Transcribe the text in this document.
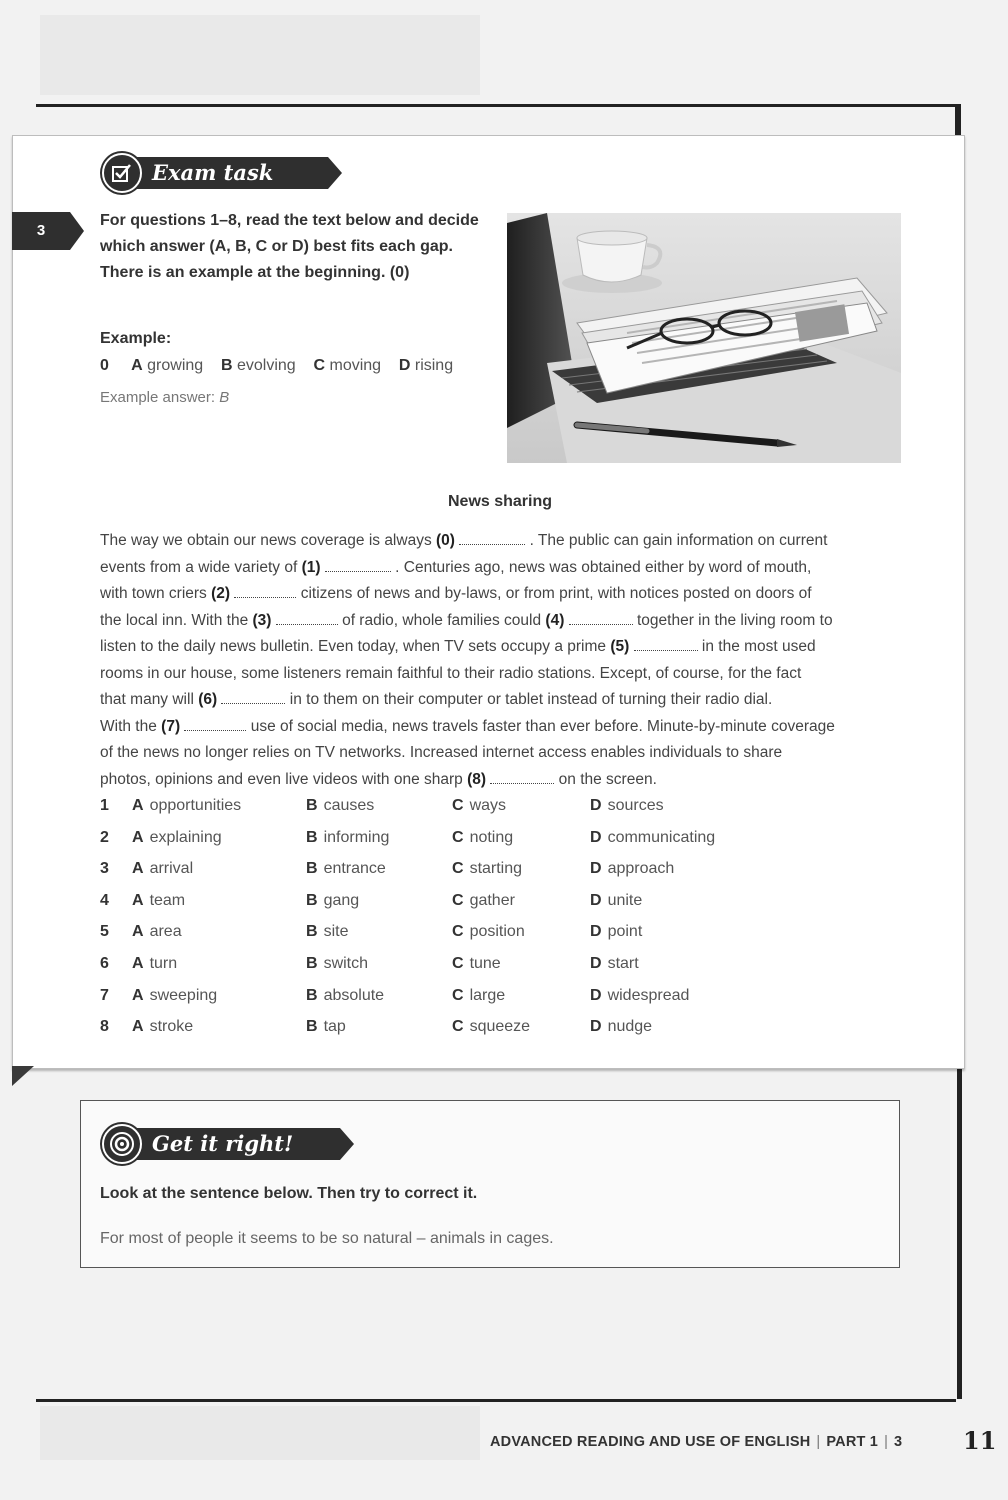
Exam task
3

For questions 1–8, read the text below and decide which answer (A, B, C or D) best fits each gap. There is an example at the beginning. (0)

Example:
0 A growing B evolving C moving D rising
Example answer: B
News sharing

The way we obtain our news coverage is always (0)	. The public can gain information on current

events from a wide variety of (1)	. Centuries ago, news was obtained either by word of mouth,

with town criers (2)	citizens of news and by-laws, or from print, with notices posted on doors of

the local inn. With the (3)	of radio, whole families could (4)	together in the living room to

listen to the daily news bulletin. Even today, when TV sets occupy a prime (5)	in the most used

rooms in our house, some listeners remain faithful to their radio stations. Except, of course, for the fact

that many will (6)	in to them on their computer or tablet instead of turning their radio dial.

With the (7)	use of social media, news travels faster than ever before. Minute-by-minute coverage

of the news no longer relies on TV networks. Increased internet access enables individuals to share

photos, opinions and even live videos with one sharp (8)	on the screen.

1 A opportunities	B causes	C ways	D sources
2 A explaining	B informing	C noting	D communicating
3 A arrival	B entrance	C starting	D approach
4 A team	B gang	C gather	D unite
5 A area	B site	C position	D point
6 A turn	B switch	C tune	D start
7 A sweeping	B absolute	C large	D widespread
8 A stroke	B tap	C squeeze	D nudge
Get it right!
Look at the sentence below. Then try to correct it.
For most of people it seems to be so natural – animals in cages.
ADVANCED READING AND USE OF ENGLISH | PART 1 | 3	11
